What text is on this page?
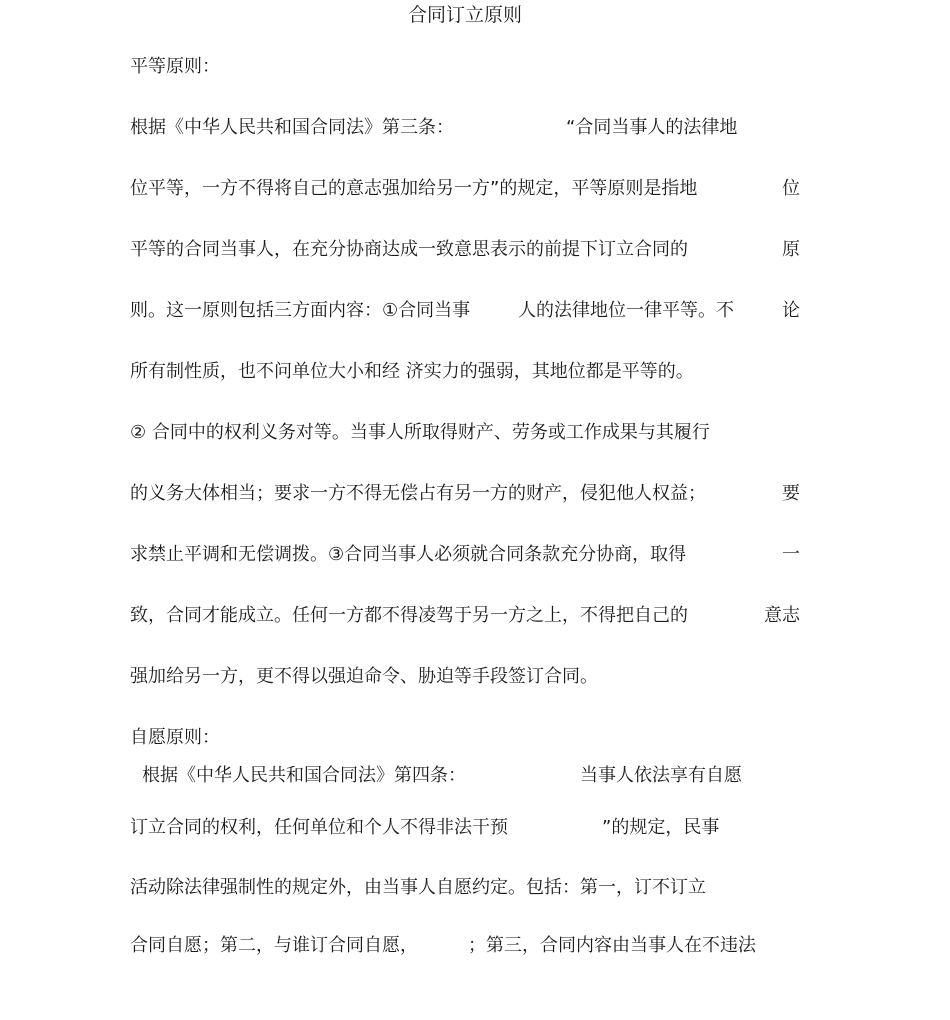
合同订立原则
平等原则：
根据《中华人民共和国合同法》第三条：	“合同当事人的法律地
位平等，一方不得将自己的意志强加给另一方”的规定，平等原则是指地	位
平等的合同当事人，在充分协商达成一致意思表示的前提下订立合同的	原
则。这一原则包括三方面内容：①合同当事	人的法律地位一律平等。不	论
所有制性质，也不问单位大小和经 济实力的强弱，其地位都是平等的。
② 合同中的权利义务对等。当事人所取得财产、劳务或工作成果与其履行
的义务大体相当；要求一方不得无偿占有另一方的财产，侵犯他人权益；	要
求禁止平调和无偿调拨。③合同当事人必须就合同条款充分协商，取得	一
致，合同才能成立。任何一方都不得凌驾于另一方之上，不得把自己的	意志
强加给另一方，更不得以强迫命令、胁迫等手段签订合同。
自愿原则：
根据《中华人民共和国合同法》第四条：	当事人依法享有自愿
订立合同的权利，任何单位和个人不得非法干预	”的规定，民事
活动除法律强制性的规定外，由当事人自愿约定。包括：第一，订不订立
合同自愿；第二，与谁订合同自愿，	；第三，合同内容由当事人在不违法
